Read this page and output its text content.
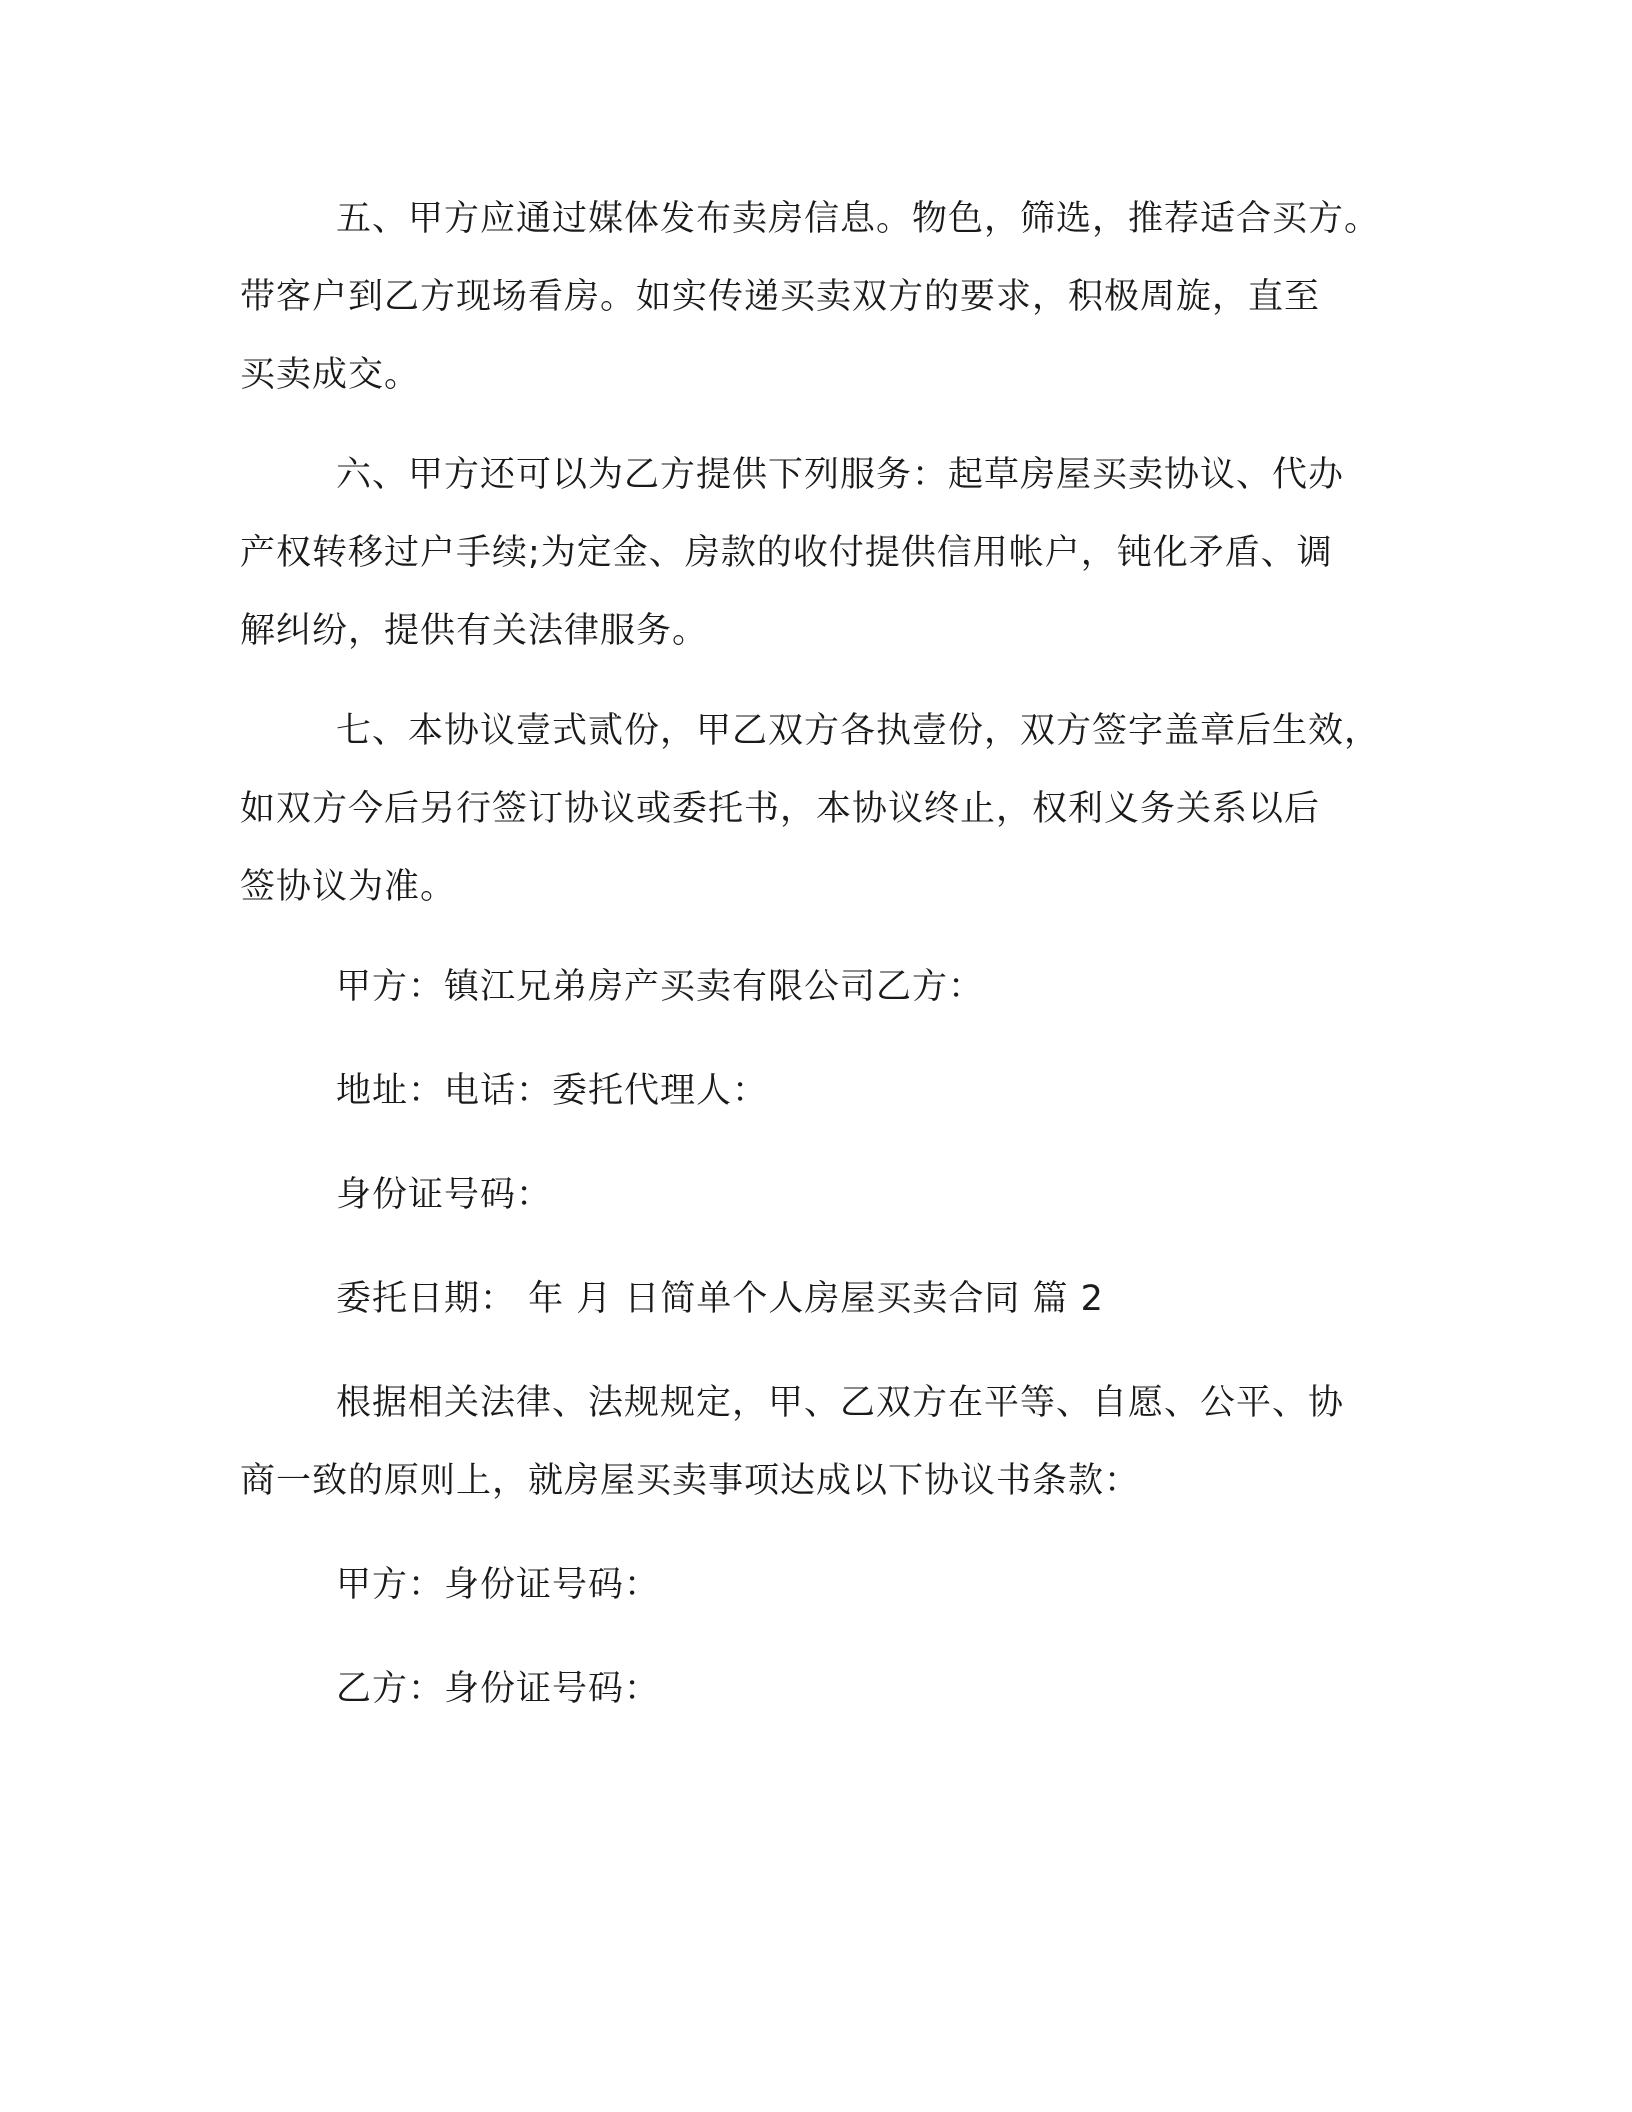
五、甲方应通过媒体发布卖房信息。物色，筛选，推荐适合买方。
带客户到乙方现场看房。如实传递买卖双方的要求，积极周旋，直至
买卖成交。
六、甲方还可以为乙方提供下列服务：起草房屋买卖协议、代办
产权转移过户手续;为定金、房款的收付提供信用帐户，钝化矛盾、调
解纠纷，提供有关法律服务。
七、本协议壹式贰份，甲乙双方各执壹份，双方签字盖章后生效，
如双方今后另行签订协议或委托书，本协议终止，权利义务关系以后
签协议为准。
甲方：镇江兄弟房产买卖有限公司乙方：
地址：电话：委托代理人：
身份证号码：
委托日期： 年 月 日简单个人房屋买卖合同 篇 2
根据相关法律、法规规定，甲、乙双方在平等、自愿、公平、协
商一致的原则上，就房屋买卖事项达成以下协议书条款：
甲方：身份证号码：
乙方：身份证号码：
